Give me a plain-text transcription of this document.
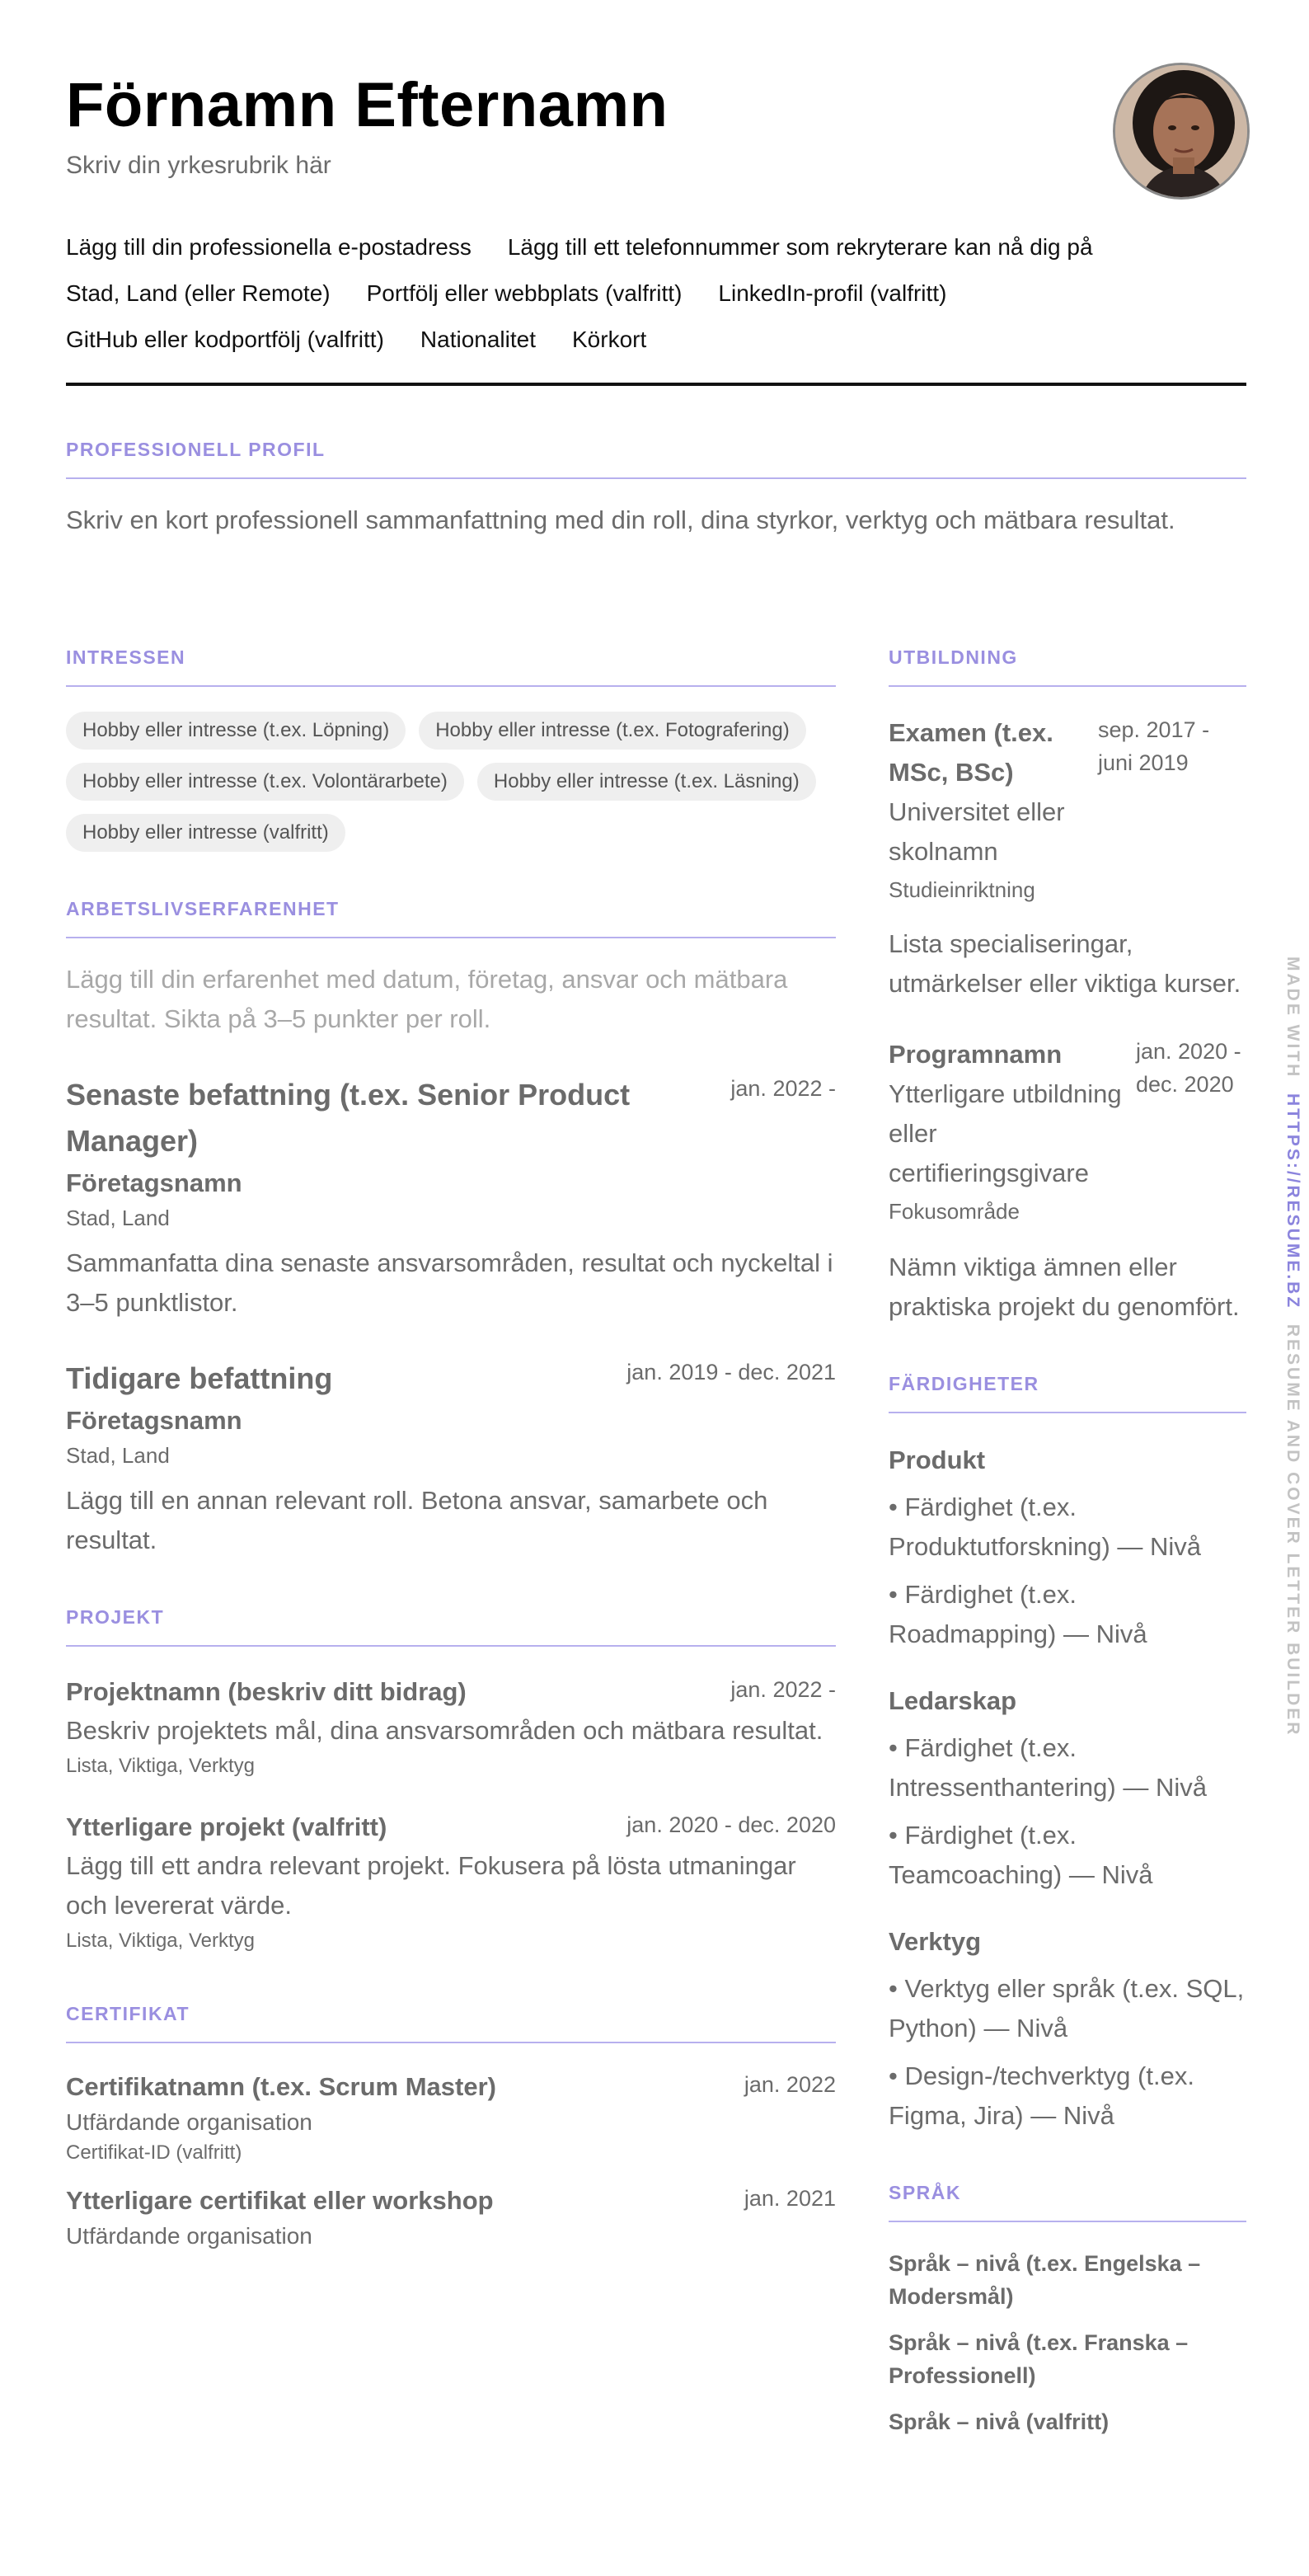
Förnamn Efternamn
Skriv din yrkesrubrik här
Lägg till din professionella e-postadress Lägg till ett telefonnummer som rekryterare kan nå dig på
Stad, Land (eller Remote) Portfölj eller webbplats (valfritt) LinkedIn-profil (valfritt)
GitHub eller kodportfölj (valfritt) Nationalitet Körkort
PROFESSIONELL PROFIL

Skriv en kort professionell sammanfattning med din roll, dina styrkor, verktyg och mätbara resultat.

INTRESSEN
Hobby eller intresse (t.ex. Löpning)	Hobby eller intresse (t.ex. Fotografering)
Hobby eller intresse (t.ex. Volontärarbete)	Hobby eller intresse (t.ex. Läsning)
Hobby eller intresse (valfritt)
ARBETSLIVSERFARENHET

Lägg till din erfarenhet med datum, företag, ansvar och mätbara resultat. Sikta på 3–5 punkter per roll.

Senaste befattning (t.ex. Senior Product Manager)
jan. 2022 -
Företagsnamn
Stad, Land

Sammanfatta dina senaste ansvarsområden, resultat och nyckeltal i 3–5 punktlistor.

Tidigare befattning	jan. 2019 - dec. 2021
Företagsnamn
Stad, Land

Lägg till en annan relevant roll. Betona ansvar, samarbete och resultat.

PROJEKT
Projektnamn (beskriv ditt bidrag)	jan. 2022 -

Beskriv projektets mål, dina ansvarsområden och mätbara resultat.

Lista, Viktiga, Verktyg
Ytterligare projekt (valfritt)	jan. 2020 - dec. 2020

Lägg till ett andra relevant projekt. Fokusera på lösta utmaningar och levererat värde.

Lista, Viktiga, Verktyg
CERTIFIKAT
Certifikatnamn (t.ex. Scrum Master)	jan. 2022
Utfärdande organisation
Certifikat-ID (valfritt)
Ytterligare certifikat eller workshop	jan. 2021
Utfärdande organisation
UTBILDNING
Examen (t.ex. MSc, BSc)
sep. 2017 - juni 2019
Universitet eller skolnamn
Studieinriktning

Lista specialiseringar, utmärkelser eller viktiga kurser.

Programnamn
Ytterligare utbildning eller certifieringsgivare
Fokusområde
jan. 2020 - dec. 2020

Nämn viktiga ämnen eller praktiska projekt du genomfört.

FÄRDIGHETER
Produkt
• Färdighet (t.ex. Produktutforskning) — Nivå
• Färdighet (t.ex. Roadmapping) — Nivå
Ledarskap
• Färdighet (t.ex. Intressenthantering) — Nivå
• Färdighet (t.ex. Teamcoaching) — Nivå
Verktyg
• Verktyg eller språk (t.ex. SQL, Python) — Nivå
• Design-/techverktyg (t.ex. Figma, Jira) — Nivå
SPRÅK
Språk – nivå (t.ex. Engelska – Modersmål)
Språk – nivå (t.ex. Franska – Professionell)
Språk – nivå (valfritt)
MADE WITH  HTTPS://RESUME.BZ  RESUME AND COVER LETTER BUILDER
